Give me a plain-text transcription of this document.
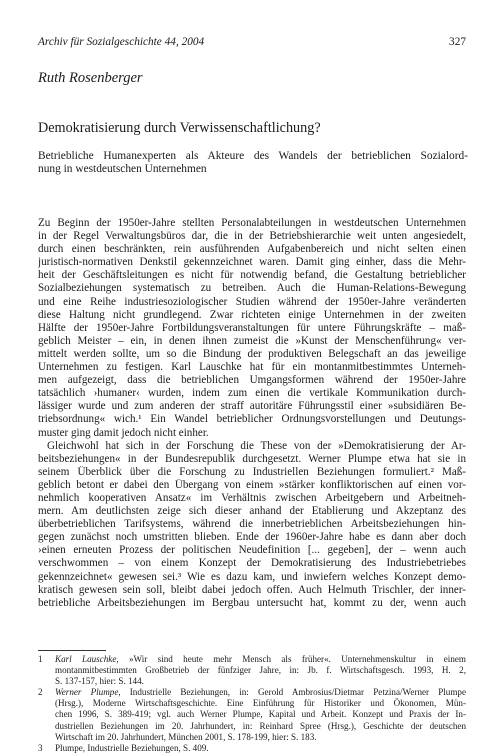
Archiv für Sozialgeschichte 44, 2004	327
Ruth Rosenberger
Demokratisierung durch Verwissenschaftlichung?
Betriebliche Humanexperten als Akteure des Wandels der betrieblichen Sozialord-
nung in westdeutschen Unternehmen
Zu Beginn der 1950er-Jahre stellten Personalabteilungen in westdeutschen Unternehmen
in der Regel Verwaltungsbüros dar, die in der Betriebshierarchie weit unten angesiedelt,
durch einen beschränkten, rein ausführenden Aufgabenbereich und nicht selten einen
juristisch-normativen Denkstil gekennzeichnet waren. Damit ging einher, dass die Mehr-
heit der Geschäftsleitungen es nicht für notwendig befand, die Gestaltung betrieblicher
Sozialbeziehungen systematisch zu betreiben. Auch die Human-Relations-Bewegung
und eine Reihe industriesoziologischer Studien während der 1950er-Jahre veränderten
diese Haltung nicht grundlegend. Zwar richteten einige Unternehmen in der zweiten
Hälfte der 1950er-Jahre Fortbildungsveranstaltungen für untere Führungskräfte – maß-
geblich Meister – ein, in denen ihnen zumeist die »Kunst der Menschenführung« ver-
mittelt werden sollte, um so die Bindung der produktiven Belegschaft an das jeweilige
Unternehmen zu festigen. Karl Lauschke hat für ein montanmitbestimmtes Unterneh-
men aufgezeigt, dass die betrieblichen Umgangsformen während der 1950er-Jahre
tatsächlich ›humaner‹ wurden, indem zum einen die vertikale Kommunikation durch-
lässiger wurde und zum anderen der straff autoritäre Führungsstil einer »subsidiären Be-
triebsordnung« wich.¹ Ein Wandel betrieblicher Ordnungsvorstellungen und Deutungs-
muster ging damit jedoch nicht einher.
Gleichwohl hat sich in der Forschung die These von der »Demokratisierung der Ar-
beitsbeziehungen« in der Bundesrepublik durchgesetzt. Werner Plumpe etwa hat sie in
seinem Überblick über die Forschung zu Industriellen Beziehungen formuliert.² Maß-
geblich betont er dabei den Übergang von einem »stärker konfliktorischen auf einen vor-
nehmlich kooperativen Ansatz« im Verhältnis zwischen Arbeitgebern und Arbeitneh-
mern. Am deutlichsten zeige sich dieser anhand der Etablierung und Akzeptanz des
überbetrieblichen Tarifsystems, während die innerbetrieblichen Arbeitsbeziehungen hin-
gegen zunächst noch umstritten blieben. Ende der 1960er-Jahre habe es dann aber doch
›einen erneuten Prozess der politischen Neudefinition [... gegeben], der – wenn auch
verschwommen – von einem Konzept der Demokratisierung des Industriebetriebes
gekennzeichnet« gewesen sei.³ Wie es dazu kam, und inwiefern welches Konzept demo-
kratisch gewesen sein soll, bleibt dabei jedoch offen. Auch Helmuth Trischler, der inner-
betriebliche Arbeitsbeziehungen im Bergbau untersucht hat, kommt zu der, wenn auch
1 Karl Lauschke, »Wir sind heute mehr Mensch als früher«. Unternehmenskultur in einem
montanmitbestimmten Großbetrieb der fünfziger Jahre, in: Jb. f. Wirtschaftsgesch. 1993, H. 2,
S. 137-157, hier: S. 144.
2 Werner Plumpe, Industrielle Beziehungen, in: Gerold Ambrosius/Dietmar Petzina/Werner Plumpe
(Hrsg.), Moderne Wirtschaftsgeschichte. Eine Einführung für Historiker und Ökonomen, Mün-
chen 1996, S. 389-419; vgl. auch Werner Plumpe, Kapital und Arbeit. Konzept und Praxis der In-
dustriellen Beziehungen im 20. Jahrhundert, in: Reinhard Spree (Hrsg.), Geschichte der deutschen
Wirtschaft im 20. Jahrhundert, München 2001, S. 178-199, hier: S. 183.
3 Plumpe, Industrielle Beziehungen, S. 409.
